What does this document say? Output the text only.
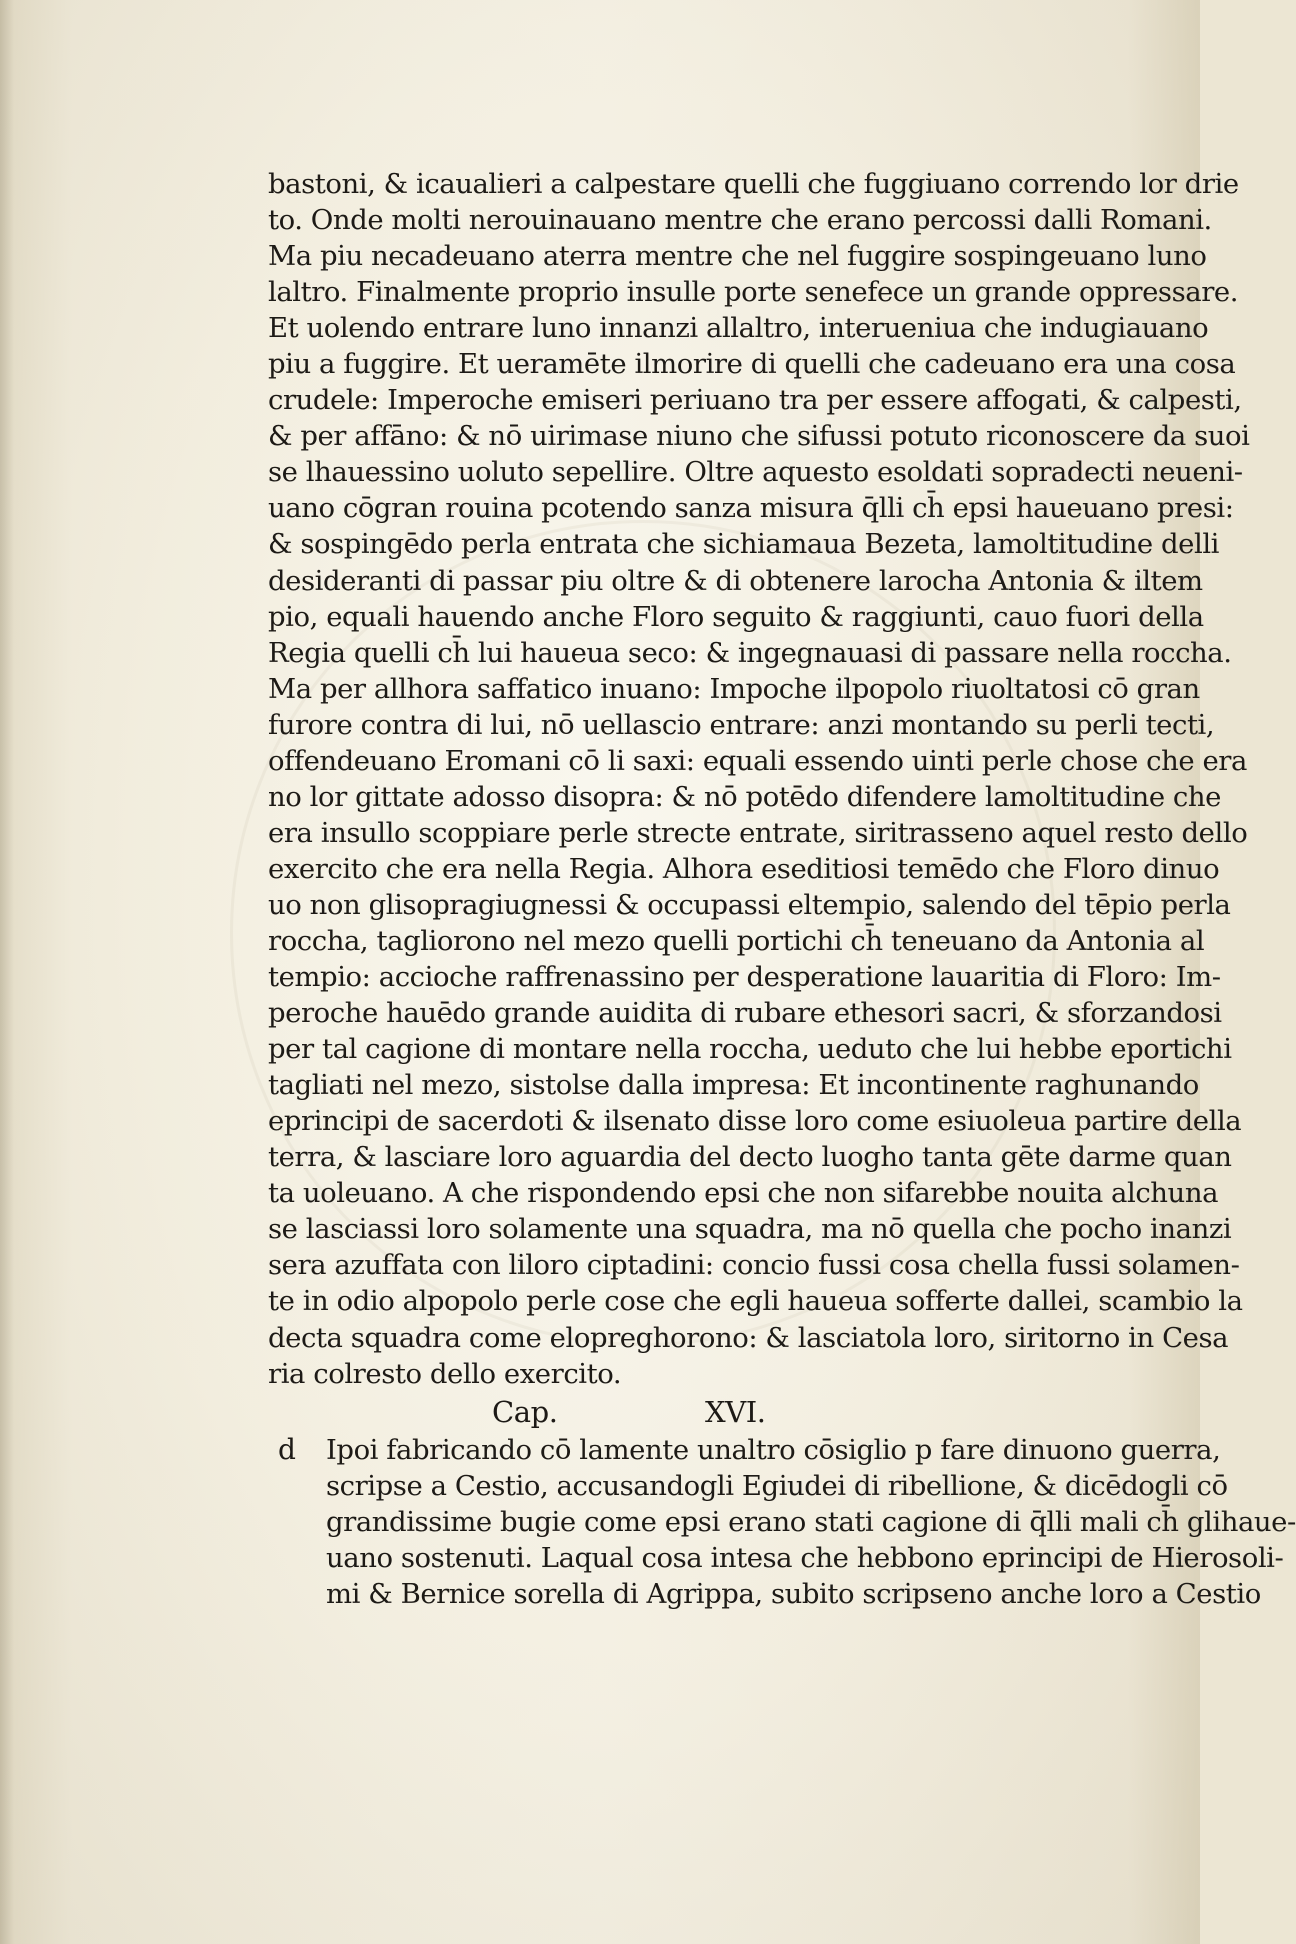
bastoni, & icaualieri a calpestare quelli che fuggiuano correndo lor drie
to. Onde molti nerouinauano mentre che erano percossi dalli Romani.
Ma piu necadeuano aterra mentre che nel fuggire sospingeuano luno
laltro. Finalmente proprio insulle porte senefece un grande oppressare.
Et uolendo entrare luno innanzi allaltro, interueniua che indugiauano
piu a fuggire. Et ueramēte ilmorire di quelli che cadeuano era una cosa
crudele: Imperoche emiseri periuano tra per essere affogati, & calpesti,
& per affāno: & nō uirimase niuno che sifussi potuto riconoscere da suoi
se lhauessino uoluto sepellire. Oltre aquesto esoldati sopradecti neueni-
uano cōgran rouina pcotendo sanza misura q̄lli ch̄ epsi haueuano presi:
& sospingēdo perla entrata che sichiamaua Bezeta, lamoltitudine delli
desideranti di passar piu oltre & di obtenere larocha Antonia & iltem
pio, equali hauendo anche Floro seguito & raggiunti, cauo fuori della
Regia quelli ch̄ lui haueua seco: & ingegnauasi di passare nella roccha.
Ma per allhora saffatico inuano: Impoche ilpopolo riuoltatosi cō gran
furore contra di lui, nō uellascio entrare: anzi montando su perli tecti,
offendeuano Eromani cō li saxi: equali essendo uinti perle chose che era
no lor gittate adosso disopra: & nō potēdo difendere lamoltitudine che
era insullo scoppiare perle strecte entrate, siritrassenο aquel resto dello
exercito che era nella Regia. Alhora eseditiosi temēdo che Floro dinuo
uo non glisopragiugnessi & occupassi eltempio, salendo del tēpio perla
roccha, tagliorono nel mezo quelli portichi ch̄ teneuano da Antonia al
tempio: accioche raffrenassino per desperatione lauaritia di Floro: Im-
peroche hauēdo grande auidita di rubare ethesori sacri, & sforzandosi
per tal cagione di montare nella roccha, ueduto che lui hebbe eportichi
tagliati nel mezo, sistolse dalla impresa: Et incontinente raghunando
eprincipi de sacerdoti & ilsenato disse loro come esiuoleua partire della
terra, & lasciare loro aguardia del decto luogho tanta gēte darme quan
ta uoleuano. A che rispondendo epsi che non sifarebbe nouita alchuna
se lasciassi loro solamente una squadra, ma nō quella che pocho inanzi
sera azuffata con liloro ciptadini: concio fussi cosa chella fussi solamen-
te in odio alpopolo perle cose che egli haueua sofferte dallei, scambio la
decta squadra come elopreghorono: & lasciatola loro, siritorno in Cesa
ria colresto dello exercito.
Cap.	XVI.
d	Ipoi fabricando cō lamente unaltro cōsiglio p fare dinuono guerra,
scripse a Cestio, accusandogli Egiudei di ribellione, & dicēdogli cō
grandissime bugie come epsi erano stati cagione di q̄lli mali ch̄ glihaue-
uano sostenuti. Laqual cosa intesa che hebbono eprincipi de Hierosoli-
mi & Bernice sorella di Agrippa, subito scripseno anche loro a Cestio
